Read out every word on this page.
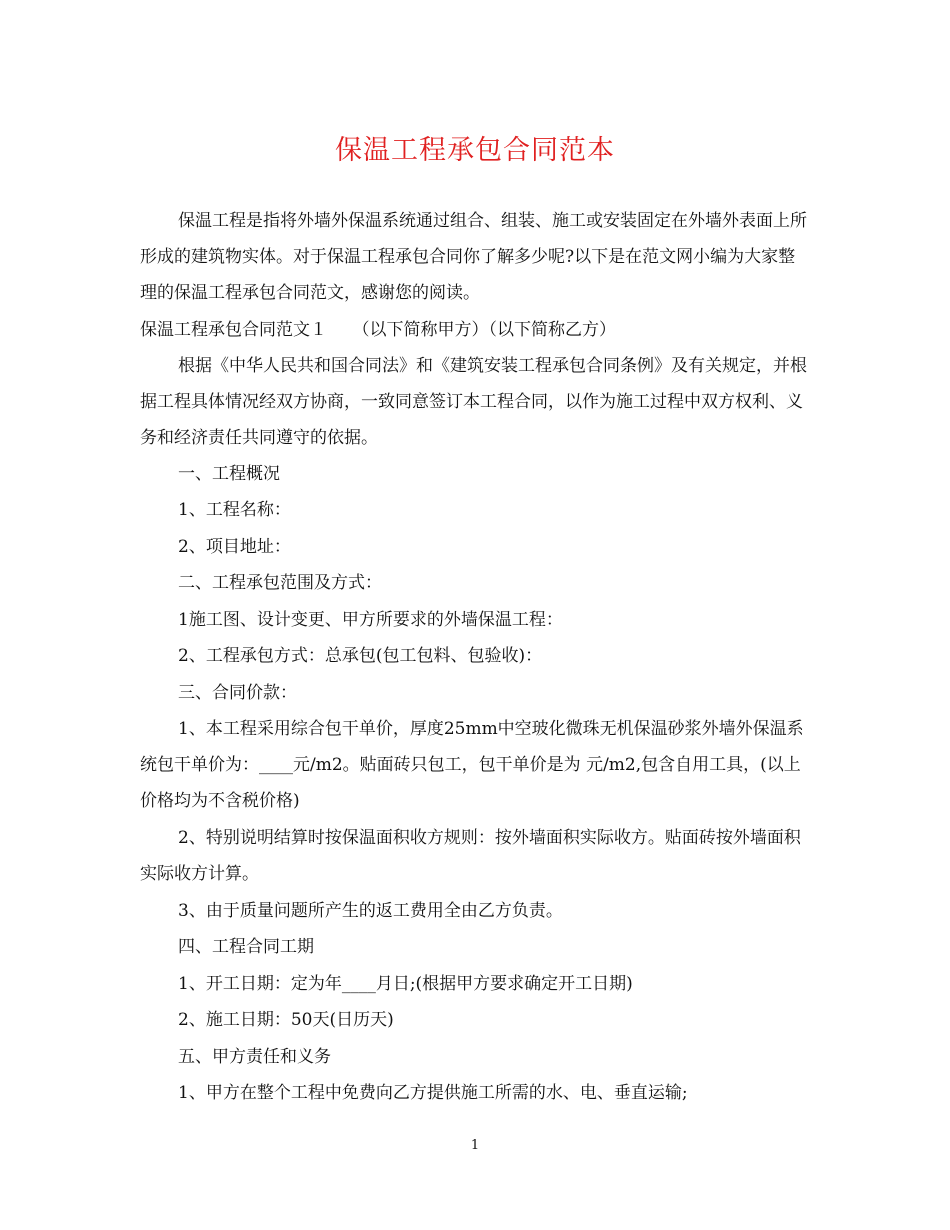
保温工程承包合同范本

保温工程是指将外墙外保温系统通过组合、组装、施工或安装固定在外墙外表面上所形成的建筑物实体。对于保温工程承包合同你了解多少呢?以下是在范文网小编为大家整理的保温工程承包合同范文，感谢您的阅读。

保温工程承包合同范文１　　（以下简称甲方）（以下简称乙方）

根据《中华人民共和国合同法》和《建筑安装工程承包合同条例》及有关规定，并根据工程具体情况经双方协商，一致同意签订本工程合同，以作为施工过程中双方权利、义务和经济责任共同遵守的依据。

一、工程概况
1、工程名称：
2、项目地址：
二、工程承包范围及方式：
1施工图、设计变更、甲方所要求的外墙保温工程：
2、工程承包方式：总承包(包工包料、包验收)：
三、合同价款：

1、本工程采用综合包干单价，厚度25mm中空玻化微珠无机保温砂浆外墙外保温系统包干单价为：____元/m2。贴面砖只包工，包干单价是为 元/m2,包含自用工具，(以上价格均为不含税价格)

2、特别说明结算时按保温面积收方规则：按外墙面积实际收方。贴面砖按外墙面积实际收方计算。

3、由于质量问题所产生的返工费用全由乙方负责。
四、工程合同工期
1、开工日期：定为年____月日;(根据甲方要求确定开工日期)
2、施工日期：50天(日历天)
五、甲方责任和义务
1、甲方在整个工程中免费向乙方提供施工所需的水、电、垂直运输;
1
